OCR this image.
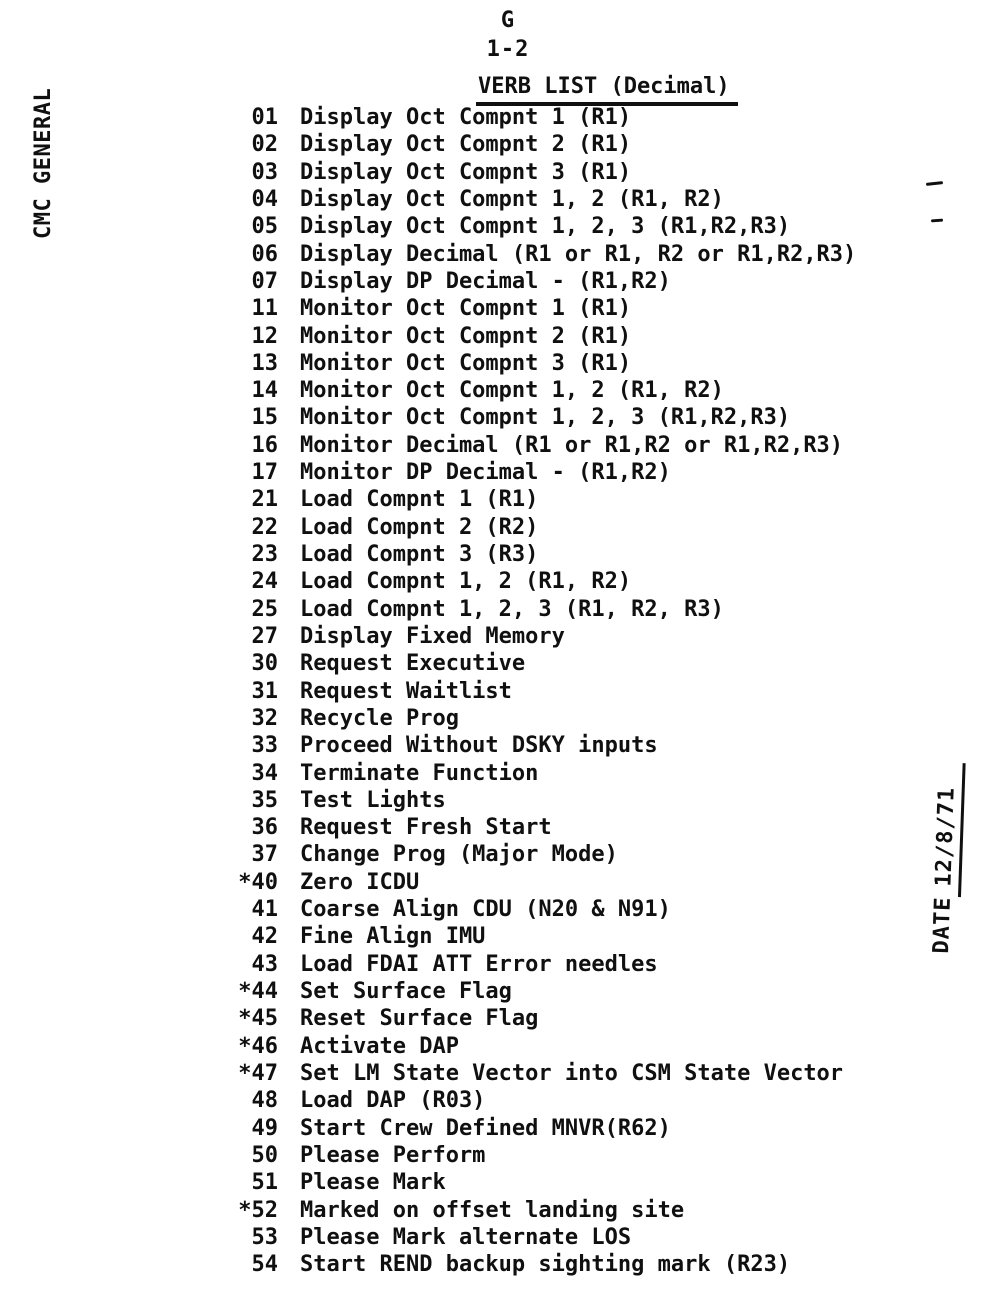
CMC GENERAL
G
1-2
VERB LIST (Decimal)
01 Display Oct Compnt 1 (R1)
02 Display Oct Compnt 2 (R1)
03 Display Oct Compnt 3 (R1)
04 Display Oct Compnt 1, 2 (R1, R2)
05 Display Oct Compnt 1, 2, 3 (R1,R2,R3)
06 Display Decimal (R1 or R1, R2 or R1,R2,R3)
07 Display DP Decimal - (R1,R2)
11 Monitor Oct Compnt 1 (R1)
12 Monitor Oct Compnt 2 (R1)
13 Monitor Oct Compnt 3 (R1)
14 Monitor Oct Compnt 1, 2 (R1, R2)
15 Monitor Oct Compnt 1, 2, 3 (R1,R2,R3)
16 Monitor Decimal (R1 or R1,R2 or R1,R2,R3)
17 Monitor DP Decimal - (R1,R2)
21 Load Compnt 1 (R1)
22 Load Compnt 2 (R2)
23 Load Compnt 3 (R3)
24 Load Compnt 1, 2 (R1, R2)
25 Load Compnt 1, 2, 3 (R1, R2, R3)
27 Display Fixed Memory
30 Request Executive
31 Request Waitlist
32 Recycle Prog
33 Proceed Without DSKY inputs
34 Terminate Function
35 Test Lights
36 Request Fresh Start
37 Change Prog (Major Mode)
*40 Zero ICDU
41 Coarse Align CDU (N20 & N91)
42 Fine Align IMU
43 Load FDAI ATT Error needles
*44 Set Surface Flag
*45 Reset Surface Flag
*46 Activate DAP
*47 Set LM State Vector into CSM State Vector
48 Load DAP (R03)
49 Start Crew Defined MNVR(R62)
50 Please Perform
51 Please Mark
*52 Marked on offset landing site
53 Please Mark alternate LOS
54 Start REND backup sighting mark (R23)
DATE12/8/71
